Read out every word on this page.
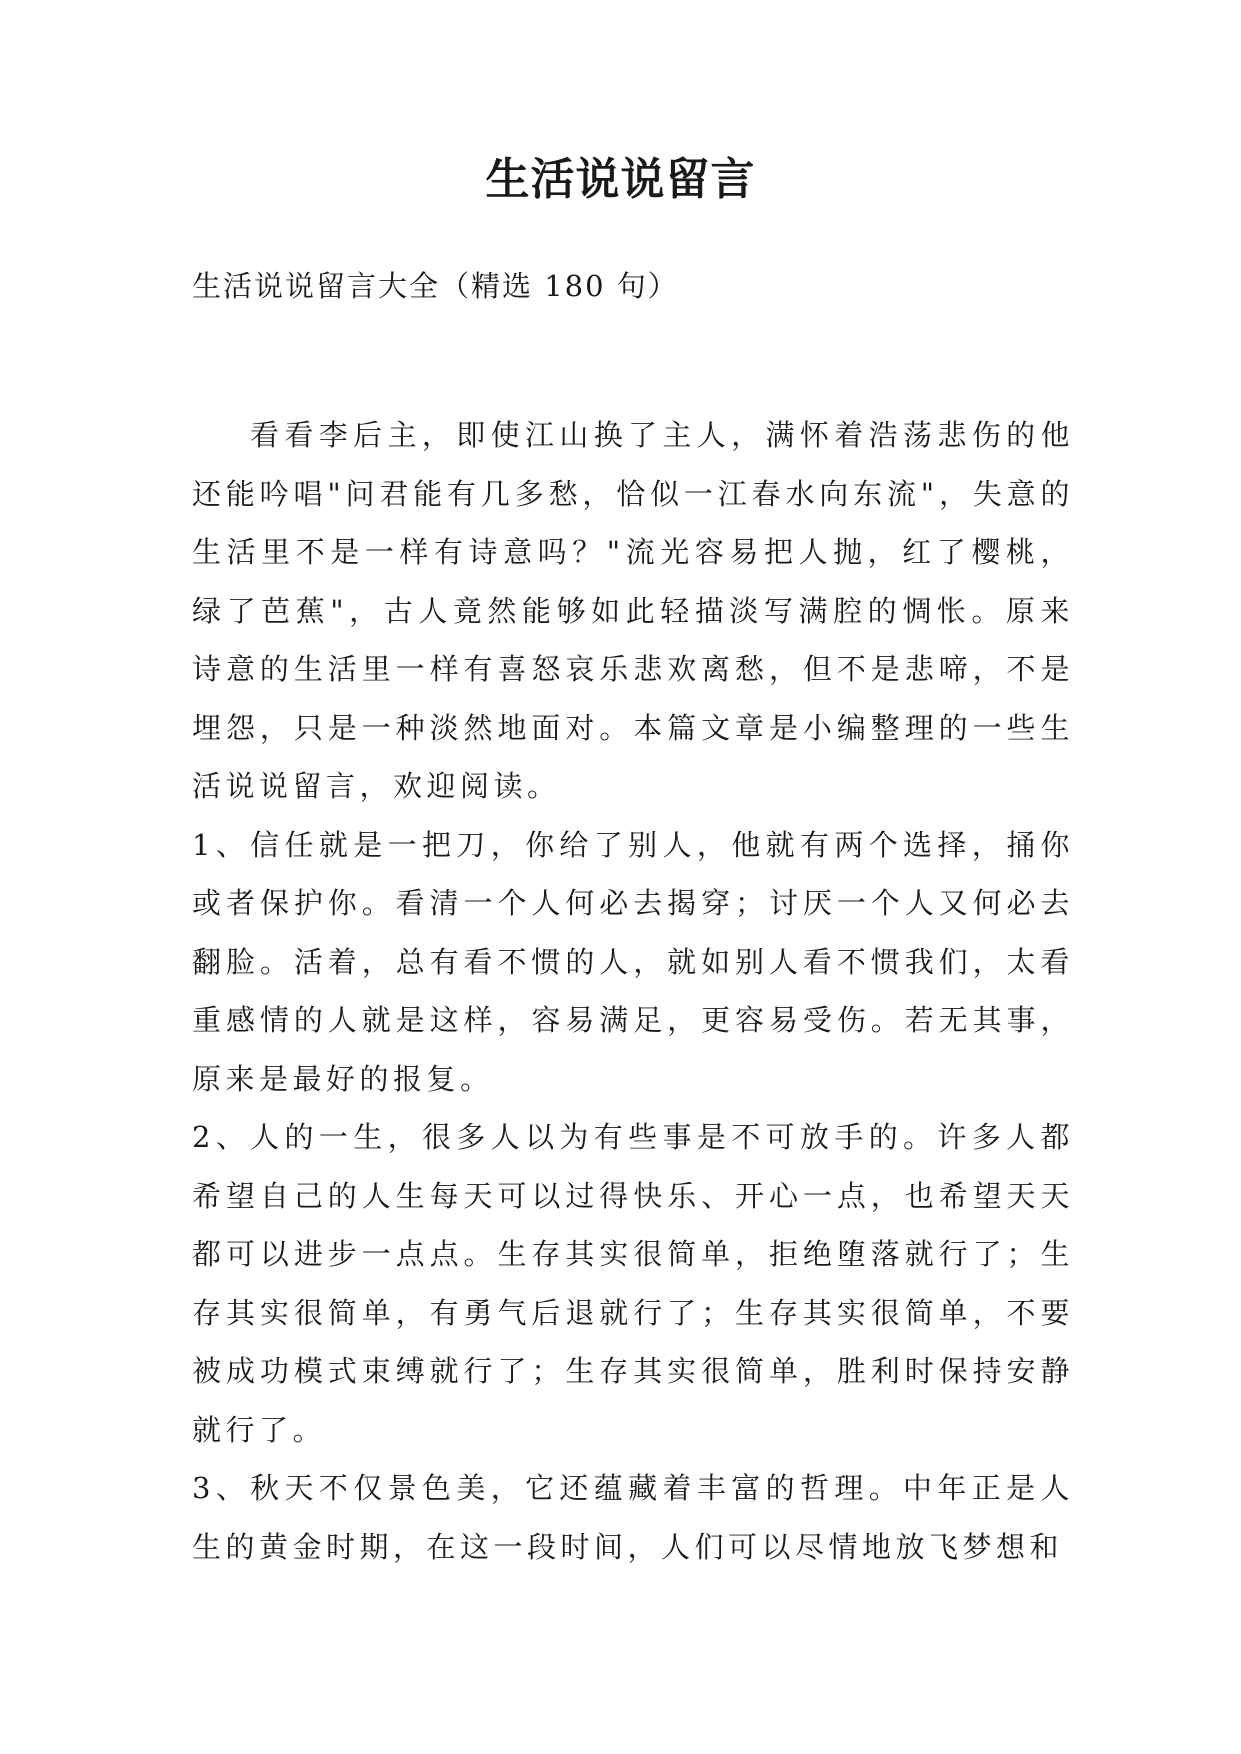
生活说说留言
生活说说留言大全（精选 180 句）

看看李后主，即使江山换了主人，满怀着浩荡悲伤的他还能吟唱"问君能有几多愁，恰似一江春水向东流"，失意的生活里不是一样有诗意吗？"流光容易把人抛，红了樱桃，绿了芭蕉"，古人竟然能够如此轻描淡写满腔的惆怅。原来诗意的生活里一样有喜怒哀乐悲欢离愁，但不是悲啼，不是埋怨，只是一种淡然地面对。本篇文章是小编整理的一些生活说说留言，欢迎阅读。

1、信任就是一把刀，你给了别人，他就有两个选择，捅你或者保护你。看清一个人何必去揭穿；讨厌一个人又何必去翻脸。活着，总有看不惯的人，就如别人看不惯我们，太看重感情的人就是这样，容易满足，更容易受伤。若无其事，原来是最好的报复。

2、人的一生，很多人以为有些事是不可放手的。许多人都希望自己的人生每天可以过得快乐、开心一点，也希望天天都可以进步一点点。生存其实很简单，拒绝堕落就行了；生存其实很简单，有勇气后退就行了；生存其实很简单，不要被成功模式束缚就行了；生存其实很简单，胜利时保持安静就行了。

3、秋天不仅景色美，它还蕴藏着丰富的哲理。中年正是人生的黄金时期，在这一段时间，人们可以尽情地放飞梦想和
